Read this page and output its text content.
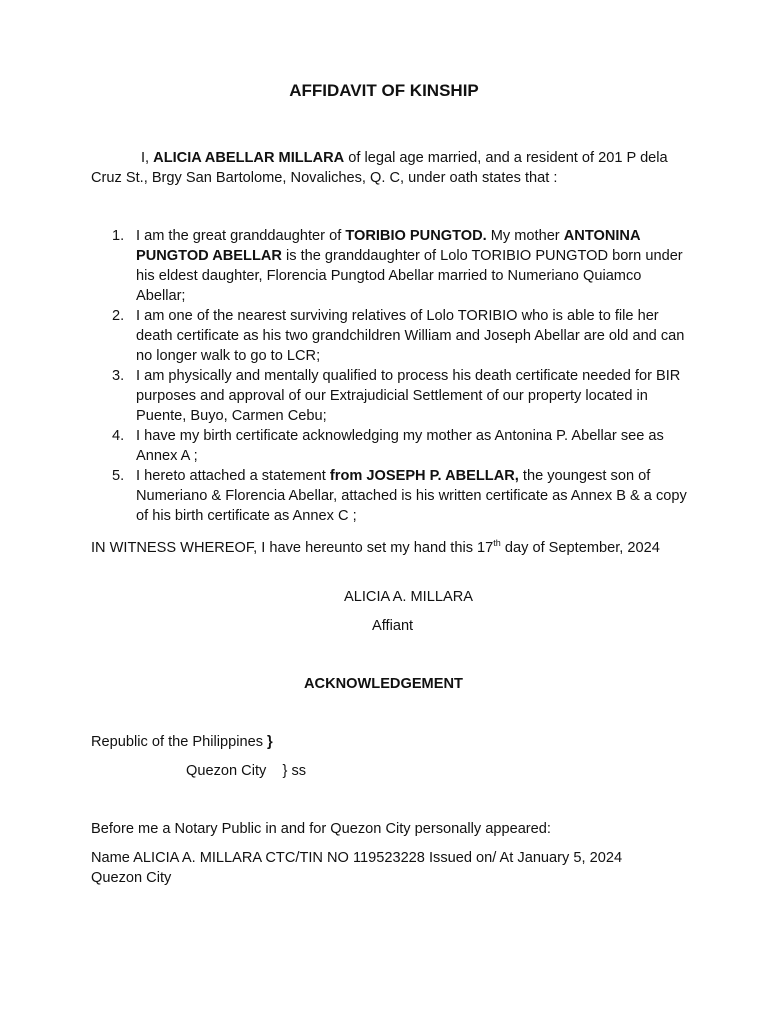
AFFIDAVIT OF KINSHIP
I, ALICIA ABELLAR MILLARA of legal age married, and a resident of 201 P dela Cruz St., Brgy San Bartolome, Novaliches, Q. C, under oath states that :
1. I am the great granddaughter of TORIBIO PUNGTOD. My mother ANTONINA PUNGTOD ABELLAR is the granddaughter of Lolo TORIBIO PUNGTOD born under his eldest daughter, Florencia Pungtod Abellar married to Numeriano Quiamco Abellar;
2. I am one of the nearest surviving relatives of Lolo TORIBIO who is able to file her death certificate as his two grandchildren William and Joseph Abellar are old and can no longer walk to go to LCR;
3. I am physically and mentally qualified to process his death certificate needed for BIR purposes and approval of our Extrajudicial Settlement of our property located in Puente, Buyo, Carmen Cebu;
4. I have my birth certificate acknowledging my mother as Antonina P. Abellar see as Annex A ;
5. I hereto attached a statement from JOSEPH P. ABELLAR, the youngest son of Numeriano & Florencia Abellar, attached is his written certificate as Annex B & a copy of his birth certificate as Annex C ;
IN WITNESS WHEREOF, I have hereunto set my hand this 17th day of September, 2024
ALICIA A. MILLARA
Affiant
ACKNOWLEDGEMENT
Republic of the Philippines }
Quezon City    } ss
Before me a Notary Public in and for Quezon City personally appeared:
Name ALICIA A. MILLARA CTC/TIN NO 119523228 Issued on/ At January 5, 2024 Quezon City
